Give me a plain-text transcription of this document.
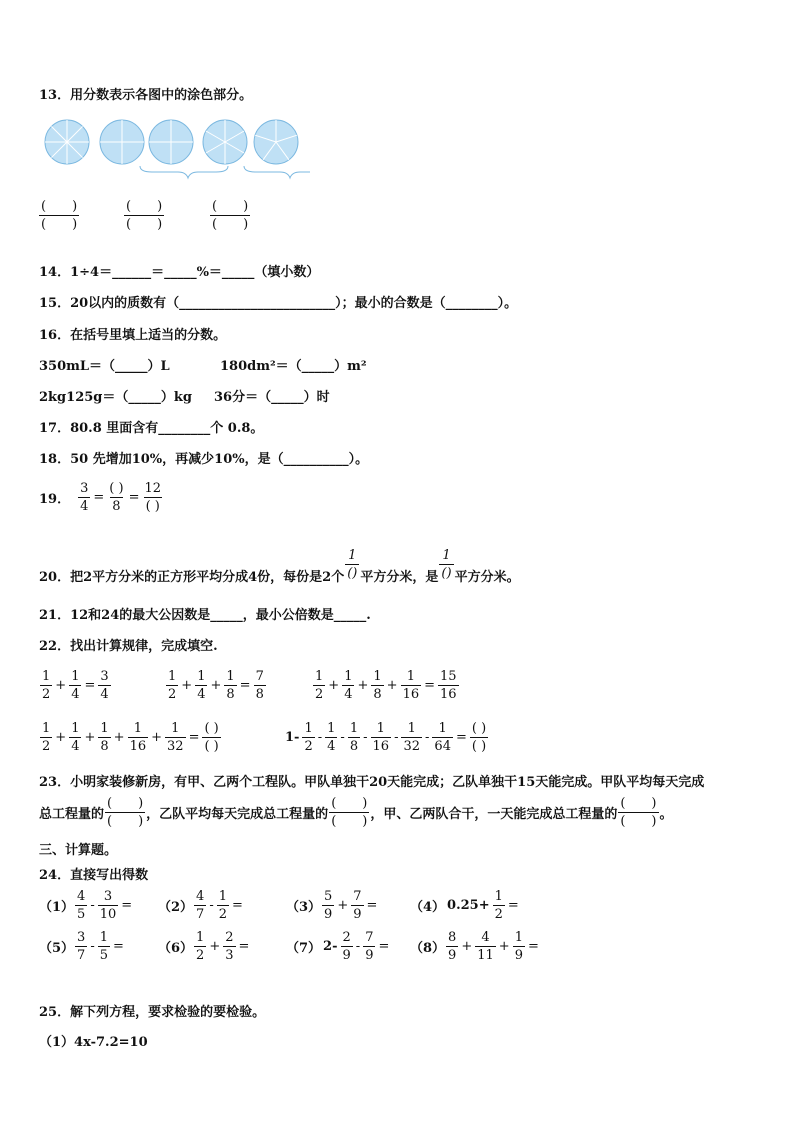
13．用分数表示各图中的涂色部分。
$\frac{( )}{( )}$	$\frac{( )}{( )}$	$\frac{( )}{( )}$
14．1÷4＝______＝_____%＝_____（填小数）
15．20以内的质数有（________________________）；最小的合数是（________）。
16．在括号里填上适当的分数。
350mL＝（_____）L	180dm²＝（_____）m²
2kg125g＝（_____）kg 36分＝（_____）时
17．80.8 里面含有________个 0.8。
18．50 先增加10%，再减少10%，是（__________）。
19． $\frac{3}{4} = \frac{( )}{8} = \frac{12}{( )}$
20．把2平方分米的正方形平均分成4份，每份是2个 $\frac{1}{()}$ 平方分米，是 $\frac{1}{()}$ 平方分米。
21．12和24的最大公因数是_____，最小公倍数是_____.
22．找出计算规律，完成填空.
$\frac{1}{2} + \frac{1}{4} = \frac{3}{4}$	$\frac{1}{2} + \frac{1}{4} + \frac{1}{8} = \frac{7}{8}$	$\frac{1}{2} + \frac{1}{4} + \frac{1}{8} + \frac{1}{16} = \frac{15}{16}$
$\frac{1}{2} + \frac{1}{4} + \frac{1}{8} + \frac{1}{16} + \frac{1}{32} = \frac{( )}{( )}$	$1- \frac{1}{2} - \frac{1}{4} - \frac{1}{8} - \frac{1}{16} - \frac{1}{32} - \frac{1}{64} = \frac{( )}{( )}$
23．小明家装修新房，有甲、乙两个工程队。甲队单独干20天能完成；乙队单独干15天能完成。甲队平均每天完成
总工程量的 $\frac{( )}{( )}$ ，乙队平均每天完成总工程量的 $\frac{( )}{( )}$ ，甲、乙两队合干，一天能完成总工程量的 $\frac{( )}{( )}$ 。
三、计算题。
24．直接写出得数
$(1) \frac{4}{5} - \frac{3}{10} = (2) \frac{4}{7} - \frac{1}{2}$ =	$(3) \frac{5}{9} + \frac{7}{9}$ =	（4） $0.25+ \frac{1}{2}$ =
$(5) \frac{3}{7} - \frac{1}{5}$ =	$(6) \frac{1}{2} + \frac{2}{3}$ =	（7） $2- \frac{2}{9} - \frac{7}{9} = (8) \frac{8}{9} + \frac{4}{11} + \frac{1}{9}$ =
25．解下列方程，要求检验的要检验。
（1）4x-7.2=10
